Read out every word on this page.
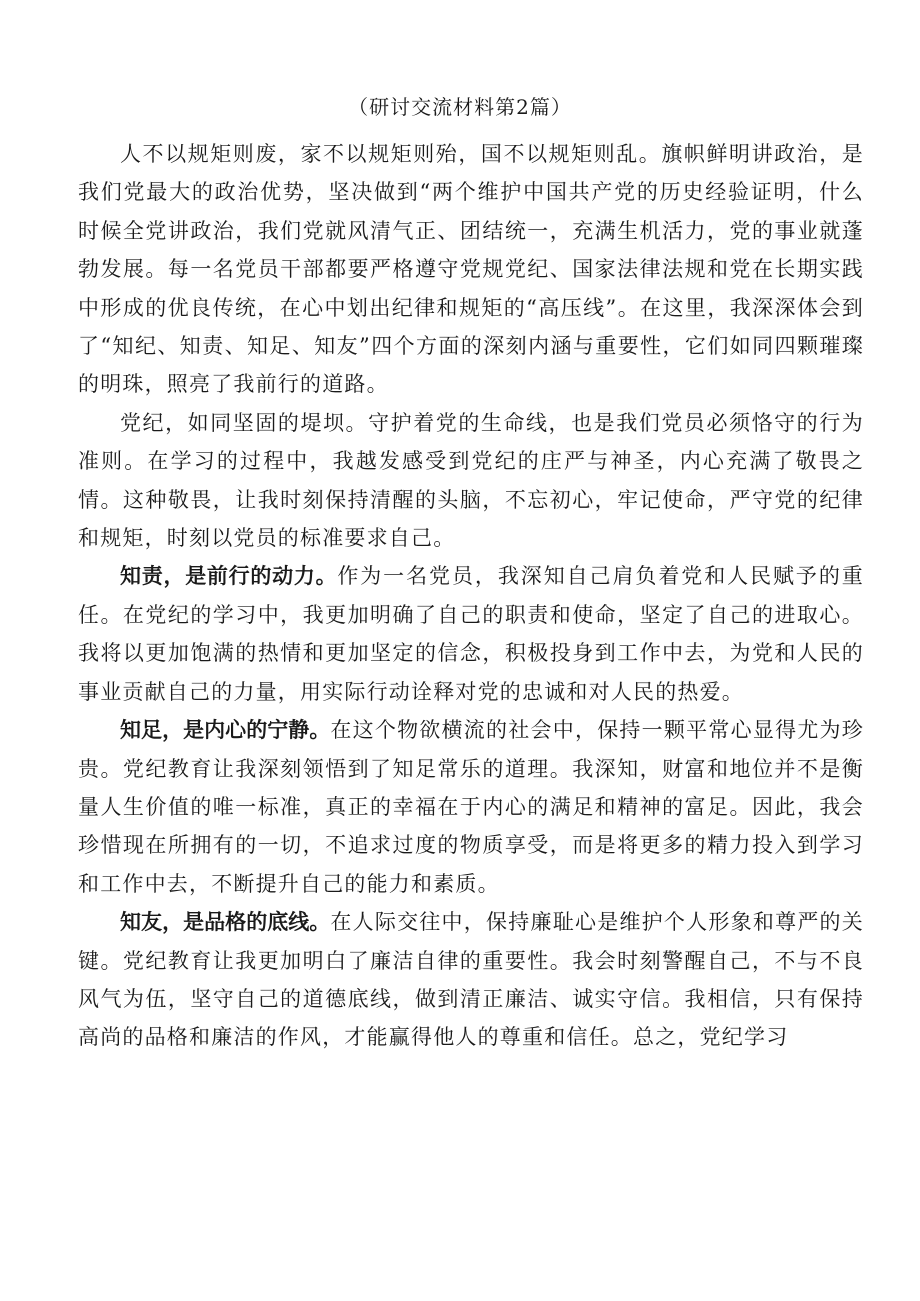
（研讨交流材料第2篇）

人不以规矩则废，家不以规矩则殆，国不以规矩则乱。旗帜鲜明讲政治，是我们党最大的政治优势，坚决做到“两个维护中国共产党的历史经验证明，什么时候全党讲政治，我们党就风清气正、团结统一，充满生机活力，党的事业就蓬勃发展。每一名党员干部都要严格遵守党规党纪、国家法律法规和党在长期实践中形成的优良传统，在心中划出纪律和规矩的“高压线”。在这里，我深深体会到了“知纪、知责、知足、知友”四个方面的深刻内涵与重要性，它们如同四颗璀璨的明珠，照亮了我前行的道路。

党纪，如同坚固的堤坝。守护着党的生命线，也是我们党员必须恪守的行为准则。在学习的过程中，我越发感受到党纪的庄严与神圣，内心充满了敬畏之情。这种敬畏，让我时刻保持清醒的头脑，不忘初心，牢记使命，严守党的纪律和规矩，时刻以党员的标准要求自己。

知责，是前行的动力。作为一名党员，我深知自己肩负着党和人民赋予的重任。在党纪的学习中，我更加明确了自己的职责和使命，坚定了自己的进取心。我将以更加饱满的热情和更加坚定的信念，积极投身到工作中去，为党和人民的事业贡献自己的力量，用实际行动诠释对党的忠诚和对人民的热爱。

知足，是内心的宁静。在这个物欲横流的社会中，保持一颗平常心显得尤为珍贵。党纪教育让我深刻领悟到了知足常乐的道理。我深知，财富和地位并不是衡量人生价值的唯一标准，真正的幸福在于内心的满足和精神的富足。因此，我会珍惜现在所拥有的一切，不追求过度的物质享受，而是将更多的精力投入到学习和工作中去，不断提升自己的能力和素质。

知友，是品格的底线。在人际交往中，保持廉耻心是维护个人形象和尊严的关键。党纪教育让我更加明白了廉洁自律的重要性。我会时刻警醒自己，不与不良风气为伍，坚守自己的道德底线，做到清正廉洁、诚实守信。我相信，只有保持高尚的品格和廉洁的作风，才能赢得他人的尊重和信任。总之，党纪学习
